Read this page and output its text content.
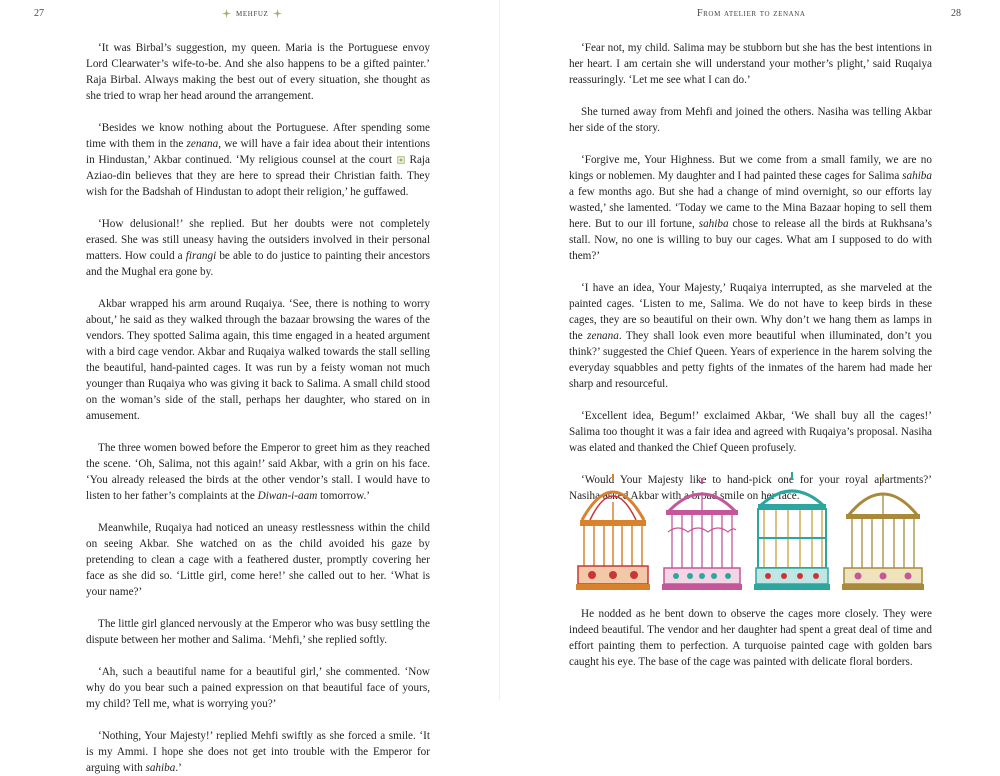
27	mehfuz

‘It was Birbal’s suggestion, my queen. Maria is the Portuguese envoy Lord Clearwater’s wife-to-be. And she also happens to be a gifted painter.’ Raja Birbal. Always making the best out of every situation, she thought as she tried to wrap her head around the arrangement.

‘Besides we know nothing about the Portuguese. After spending some time with them in the zenana, we will have a fair idea about their intentions in Hindustan,’ Akbar continued. ‘My religious counsel at the court  Raja Aziao-din believes that they are here to spread their Christian faith. They wish for the Badshah of Hindustan to adopt their religion,’ he guffawed.

‘How delusional!’ she replied. But her doubts were not completely erased. She was still uneasy having the outsiders involved in their personal matters. How could a firangi be able to do justice to painting their ancestors and the Mughal era gone by.

Akbar wrapped his arm around Ruqaiya. ‘See, there is nothing to worry about,’ he said as they walked through the bazaar browsing the wares of the vendors. They spotted Salima again, this time engaged in a heated argument with a bird cage vendor. Akbar and Ruqaiya walked towards the stall selling the beautiful, hand-painted cages. It was run by a feisty woman not much younger than Ruqaiya who was giving it back to Salima. A small child stood on the woman’s side of the stall, perhaps her daughter, who stared on in amusement.

The three women bowed before the Emperor to greet him as they reached the scene. ‘Oh, Salima, not this again!’ said Akbar, with a grin on his face. ‘You already released the birds at the other vendor’s stall. I would have to listen to her father’s complaints at the Diwan-i-aam tomorrow.’

Meanwhile, Ruqaiya had noticed an uneasy restlessness within the child on seeing Akbar. She watched on as the child avoided his gaze by pretending to clean a cage with a feathered duster, promptly covering her face as she did so. ‘Little girl, come here!’ she called out to her. ‘What is your name?’

The little girl glanced nervously at the Emperor who was busy settling the dispute between her mother and Salima. ‘Mehfi,’ she replied softly.

‘Ah, such a beautiful name for a beautiful girl,’ she commented. ‘Now why do you bear such a pained expression on that beautiful face of yours, my child? Tell me, what is worrying you?’

‘Nothing, Your Majesty!’ replied Mehfi swiftly as she forced a smile. ‘It is my Ammi. I hope she does not get into trouble with the Emperor for arguing with sahiba.’

From atelier to zenana	28

‘Fear not, my child. Salima may be stubborn but she has the best intentions in her heart. I am certain she will understand your mother’s plight,’ said Ruqaiya reassuringly. ‘Let me see what I can do.’

She turned away from Mehfi and joined the others. Nasiha was telling Akbar her side of the story.

‘Forgive me, Your Highness. But we come from a small family, we are no kings or noblemen. My daughter and I had painted these cages for Salima sahiba a few months ago. But she had a change of mind overnight, so our efforts lay wasted,’ she lamented. ‘Today we came to the Mina Bazaar hoping to sell them here. But to our ill fortune, sahiba chose to release all the birds at Rukhsana’s stall. Now, no one is willing to buy our cages. What am I supposed to do with them?’

‘I have an idea, Your Majesty,’ Ruqaiya interrupted, as she marveled at the painted cages. ‘Listen to me, Salima. We do not have to keep birds in these cages, they are so beautiful on their own. Why don’t we hang them as lamps in the zenana. They shall look even more beautiful when illuminated, don’t you think?’ suggested the Chief Queen. Years of experience in the harem solving the everyday squabbles and petty fights of the inmates of the harem had made her sharp and resourceful.

‘Excellent idea, Begum!’ exclaimed Akbar, ‘We shall buy all the cages!’ Salima too thought it was a fair idea and agreed with Ruqaiya’s proposal. Nasiha was elated and thanked the Chief Queen profusely.

‘Would Your Majesty like to hand-pick one for your royal apartments?’ Nasiha asked Akbar with a broad smile on her face.

He nodded as he bent down to observe the cages more closely. They were indeed beautiful. The vendor and her daughter had spent a great deal of time and effort painting them to perfection. A turquoise painted cage with golden bars caught his eye. The base of the cage was painted with delicate floral borders.
